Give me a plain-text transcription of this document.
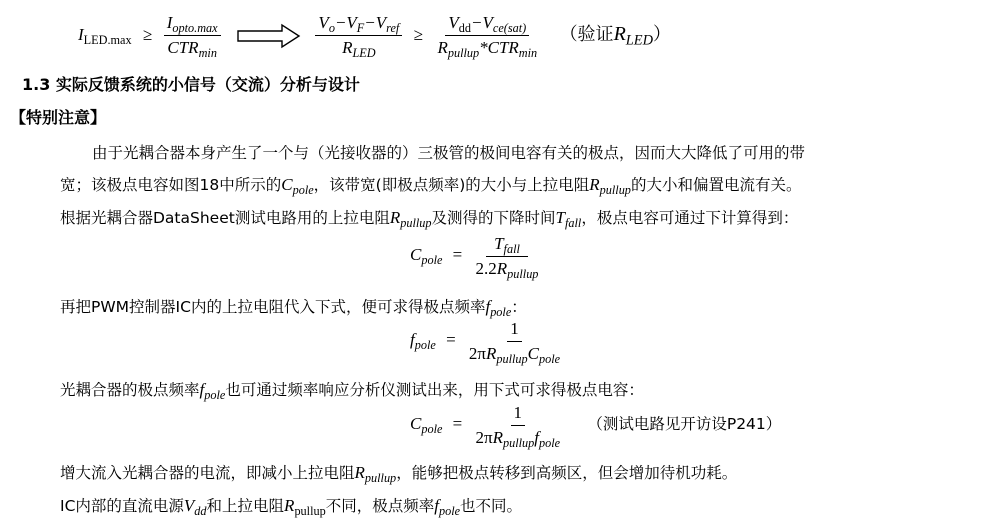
$I_{LED.max} \ge \frac{I_{opto.max}}{CTR_{min}}$
	$\frac{V_o-V_F-V_{ref}}{R_{LED}} \ge \frac{V_{dd}-V_{ce(sat)}}{R_{pullup}*CTR_{min}}$ （验证$R_{LED}$）
1.3 实际反馈系统的小信号（交流）分析与设计
【特别注意】
由于光耦合器本身产生了一个与（光接收器的）三极管的极间电容有关的极点，因而大大降低了可用的带
宽；该极点电容如图18中所示的$C_{pole}$，该带宽(即极点频率)的大小与上拉电阻$R_{pullup}$的大小和偏置电流有关。
根据光耦合器DataSheet测试电路用的上拉电阻$R_{pullup}$及测得的下降时间$T_{fall}$，极点电容可通过下计算得到：
$C_{pole} = \frac{T_{fall}}{2.2R_{pullup}}$
再把PWM控制器IC内的上拉电阻代入下式，便可求得极点频率$f_{pole}$：
$f_{pole} = \frac{1}{2\pi R_{pullup}C_{pole}}$
光耦合器的极点频率$f_{pole}$也可通过频率响应分析仪测试出来，用下式可求得极点电容：
$C_{pole} = \frac{1}{2\pi R_{pullup}f_{pole}}$ （测试电路见开访设P241）
增大流入光耦合器的电流，即减小上拉电阻$R_{pullup}$，能够把极点转移到高频区，但会增加待机功耗。
IC内部的直流电源$V_{dd}$和上拉电阻$R_{pullup}$不同，极点频率$f_{pole}$也不同。
